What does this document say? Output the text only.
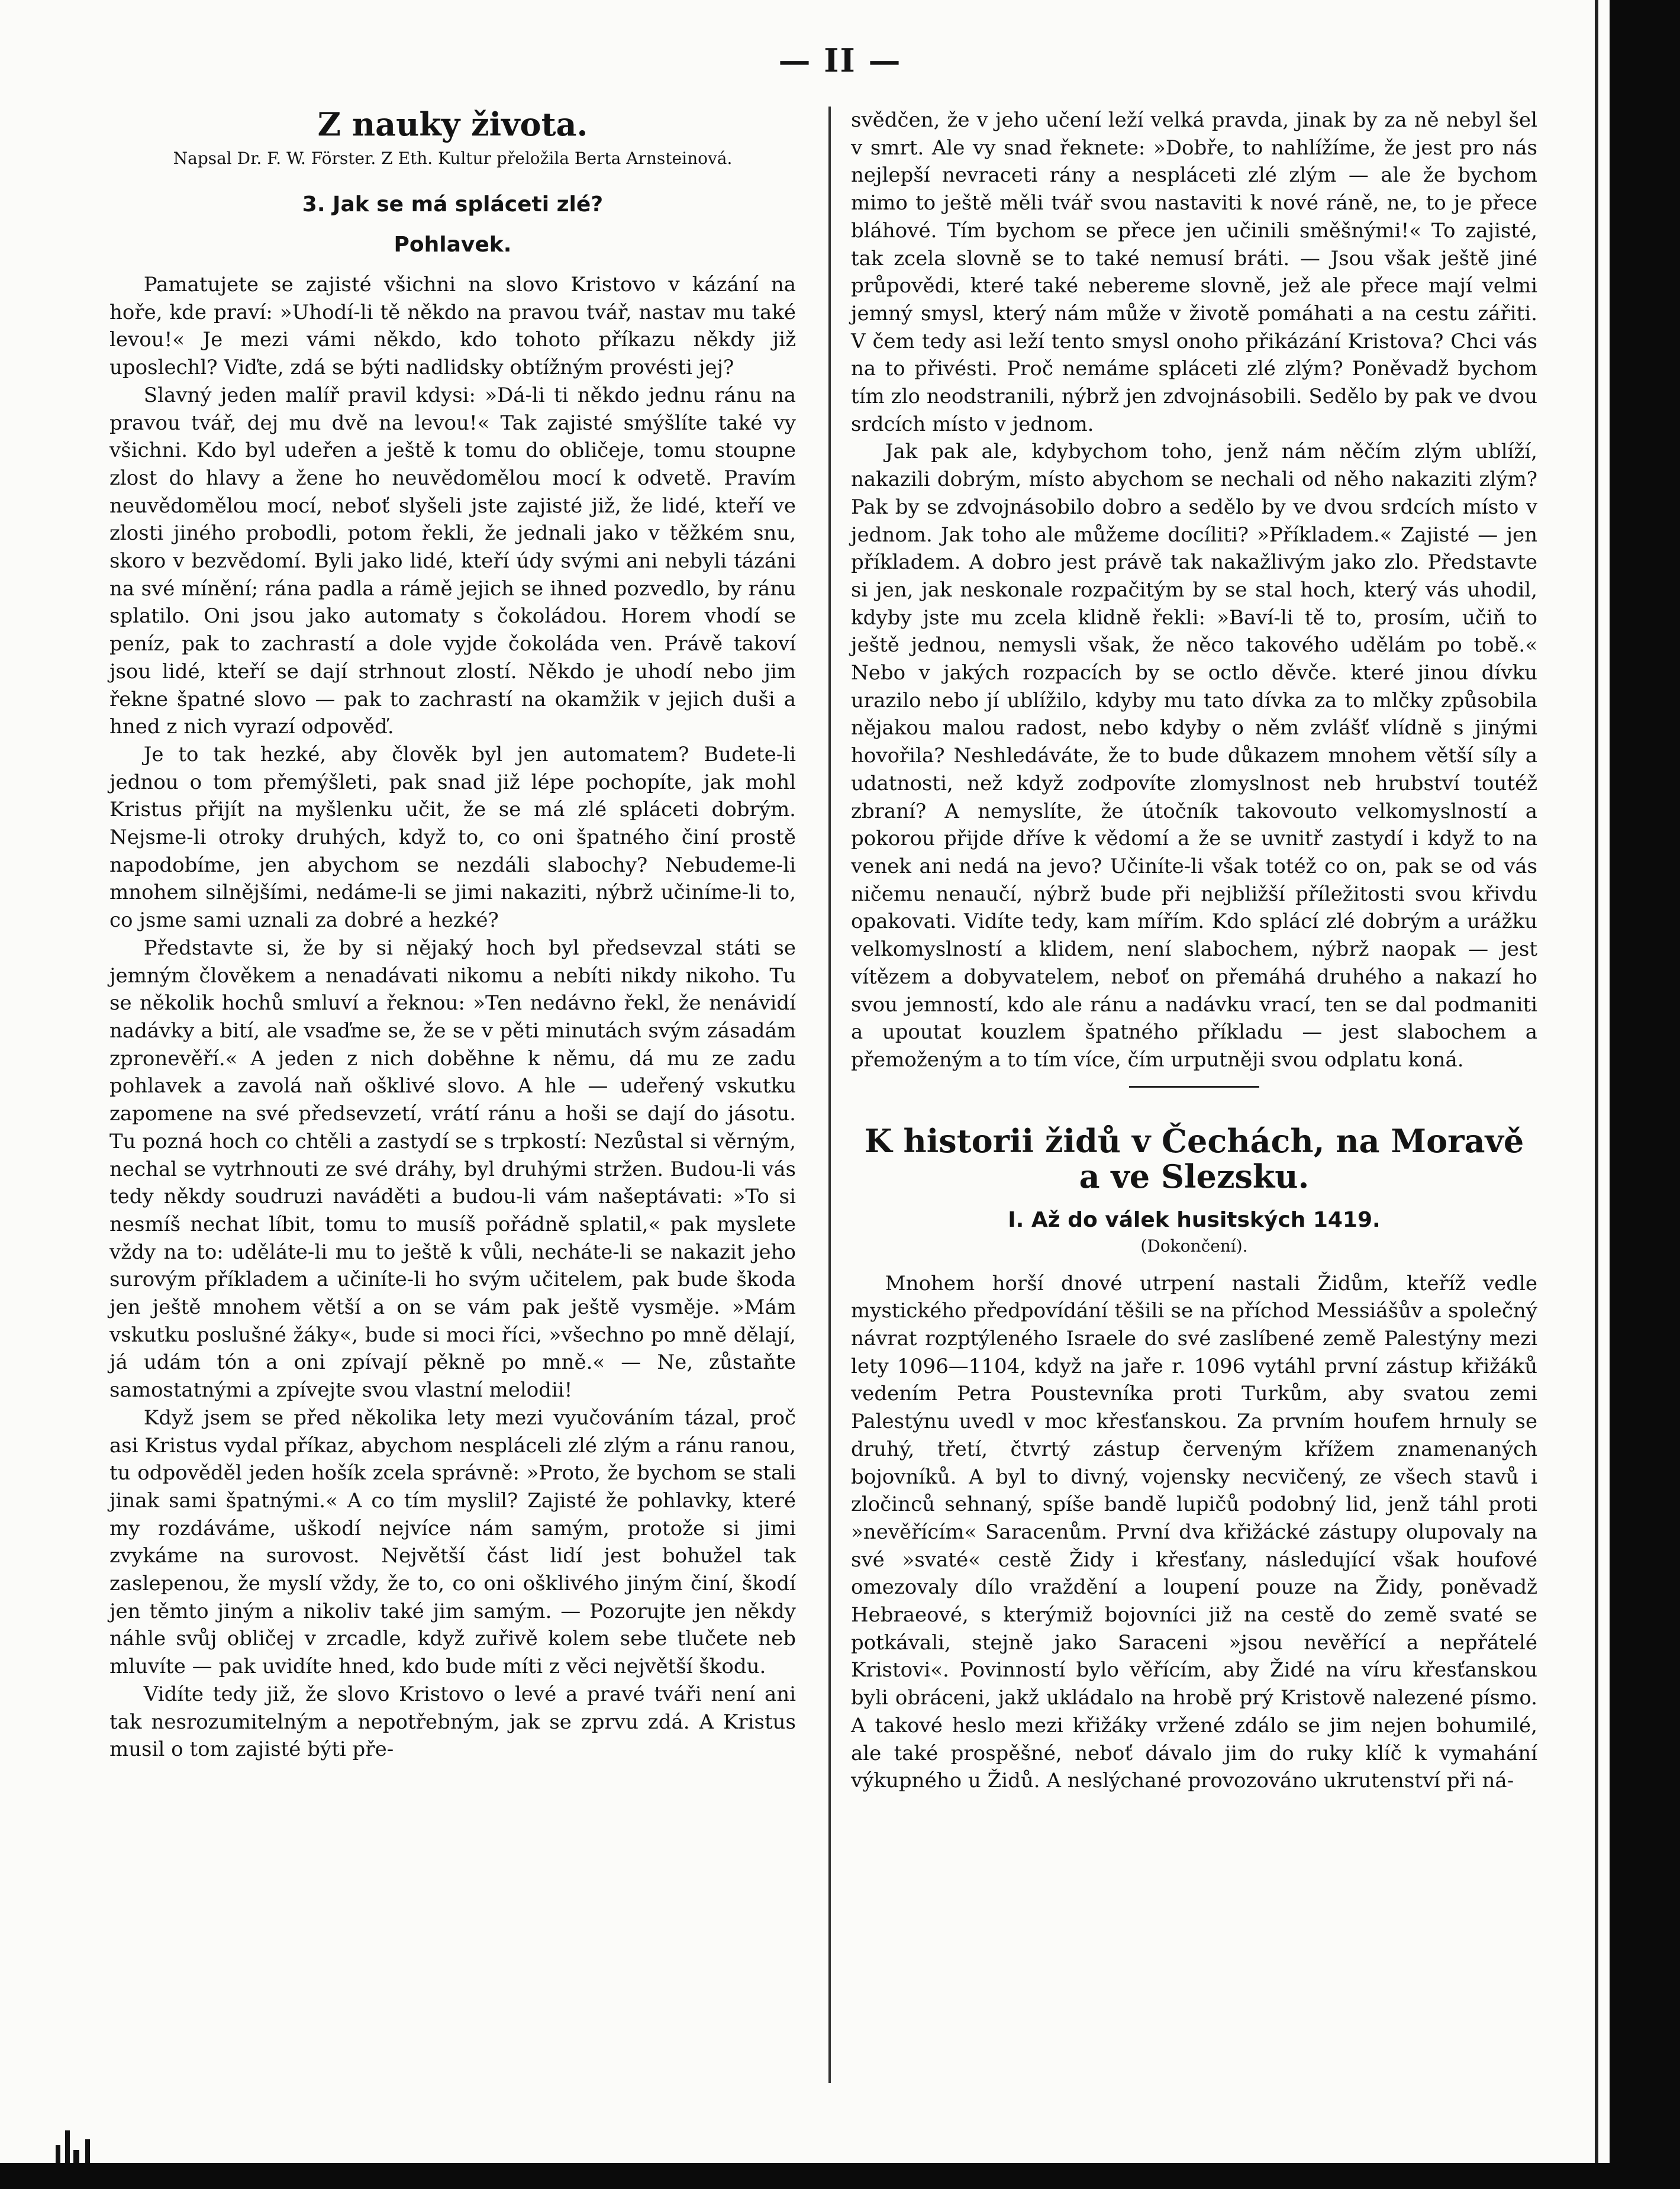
— II —
Z nauky života.

Napsal Dr. F. W. Förster. Z Eth. Kultur přeložila Berta Arnsteinová.

3. Jak se má spláceti zlé?
Pohlavek.

Pamatujete se zajisté všichni na slovo Kristovo v kázání na hoře, kde praví: »Uhodí-li tě někdo na pravou tvář, nastav mu také levou!« Je mezi vámi někdo, kdo tohoto příkazu někdy již uposlechl? Viďte, zdá se býti nadlidsky obtížným provésti jej?

Slavný jeden malíř pravil kdysi: »Dá-li ti někdo jednu ránu na pravou tvář, dej mu dvě na levou!« Tak zajisté smýšlíte také vy všichni. Kdo byl udeřen a ještě k tomu do obličeje, tomu stoupne zlost do hlavy a žene ho neuvědomělou mocí k odvetě. Pravím neuvědomělou mocí, neboť slyšeli jste zajisté již, že lidé, kteří ve zlosti jiného probodli, potom řekli, že jednali jako v těžkém snu, skoro v bezvědomí. Byli jako lidé, kteří údy svými ani nebyli tázáni na své mínění; rána padla a rámě jejich se ihned pozvedlo, by ránu splatilo. Oni jsou jako automaty s čokoládou. Horem vhodí se peníz, pak to zachrastí a dole vyjde čokoláda ven. Právě takoví jsou lidé, kteří se dají strhnout zlostí. Někdo je uhodí nebo jim řekne špatné slovo — pak to zachrastí na okamžik v jejich duši a hned z nich vyrazí odpověď.

Je to tak hezké, aby člověk byl jen automatem? Budete-li jednou o tom přemýšleti, pak snad již lépe pochopíte, jak mohl Kristus přijít na myšlenku učit, že se má zlé spláceti dobrým. Nejsme-li otroky druhých, když to, co oni špatného činí prostě napodobíme, jen abychom se nezdáli slabochy? Nebudeme-li mnohem silnějšími, nedáme-li se jimi nakaziti, nýbrž učiníme-li to, co jsme sami uznali za dobré a hezké?

Představte si, že by si nějaký hoch byl předsevzal státi se jemným člověkem a nenadávati nikomu a nebíti nikdy nikoho. Tu se několik hochů smluví a řeknou: »Ten nedávno řekl, že nenávidí nadávky a bití, ale vsaďme se, že se v pěti minutách svým zásadám zpronevěří.« A jeden z nich doběhne k němu, dá mu ze zadu pohlavek a zavolá naň ošklivé slovo. A hle — udeřený vskutku zapomene na své předsevzetí, vrátí ránu a hoši se dají do jásotu. Tu pozná hoch co chtěli a zastydí se s trpkostí: Nezůstal si věrným, nechal se vytrhnouti ze své dráhy, byl druhými stržen. Budou-li vás tedy někdy soudruzi naváděti a budou-li vám našeptávati: »To si nesmíš nechat líbit, tomu to musíš pořádně splatil,« pak myslete vždy na to: uděláte-li mu to ještě k vůli, necháte-li se nakazit jeho surovým příkladem a učiníte-li ho svým učitelem, pak bude škoda jen ještě mnohem větší a on se vám pak ještě vysměje. »Mám vskutku poslušné žáky«, bude si moci říci, »všechno po mně dělají, já udám tón a oni zpívají pěkně po mně.« — Ne, zůstaňte samostatnými a zpívejte svou vlastní melodii!

Když jsem se před několika lety mezi vyučováním tázal, proč asi Kristus vydal příkaz, abychom nespláceli zlé zlým a ránu ranou, tu odpověděl jeden hošík zcela správně: »Proto, že bychom se stali jinak sami špatnými.« A co tím myslil? Zajisté že pohlavky, které my rozdáváme, uškodí nejvíce nám samým, protože si jimi zvykáme na surovost. Největší část lidí jest bohužel tak zaslepenou, že myslí vždy, že to, co oni ošklivého jiným činí, škodí jen těmto jiným a nikoliv také jim samým. — Pozorujte jen někdy náhle svůj obličej v zrcadle, když zuřivě kolem sebe tlučete neb mluvíte — pak uvidíte hned, kdo bude míti z věci největší škodu.

Vidíte tedy již, že slovo Kristovo o levé a pravé tváři není ani tak nesrozumitelným a nepotřebným, jak se zprvu zdá. A Kristus musil o tom zajisté býti pře-

svědčen, že v jeho učení leží velká pravda, jinak by za ně nebyl šel v smrt. Ale vy snad řeknete: »Dobře, to nahlížíme, že jest pro nás nejlepší nevraceti rány a nespláceti zlé zlým — ale že bychom mimo to ještě měli tvář svou nastaviti k nové ráně, ne, to je přece bláhové. Tím bychom se přece jen učinili směšnými!« To zajisté, tak zcela slovně se to také nemusí bráti. — Jsou však ještě jiné průpovědi, které také nebereme slovně, jež ale přece mají velmi jemný smysl, který nám může v životě pomáhati a na cestu zářiti. V čem tedy asi leží tento smysl onoho přikázání Kristova? Chci vás na to přivésti. Proč nemáme spláceti zlé zlým? Poněvadž bychom tím zlo neodstranili, nýbrž jen zdvojnásobili. Sedělo by pak ve dvou srdcích místo v jednom.

Jak pak ale, kdybychom toho, jenž nám něčím zlým ublíží, nakazili dobrým, místo abychom se nechali od něho nakaziti zlým? Pak by se zdvojnásobilo dobro a sedělo by ve dvou srdcích místo v jednom. Jak toho ale můžeme docíliti? »Příkladem.« Zajisté — jen příkladem. A dobro jest právě tak nakažlivým jako zlo. Představte si jen, jak neskonale rozpačitým by se stal hoch, který vás uhodil, kdyby jste mu zcela klidně řekli: »Baví-li tě to, prosím, učiň to ještě jednou, nemysli však, že něco takového udělám po tobě.« Nebo v jakých rozpacích by se octlo děvče. které jinou dívku urazilo nebo jí ublížilo, kdyby mu tato dívka za to mlčky způsobila nějakou malou radost, nebo kdyby o něm zvlášť vlídně s jinými hovořila? Neshledáváte, že to bude důkazem mnohem větší síly a udatnosti, než když zodpovíte zlomyslnost neb hrubství toutéž zbraní? A nemyslíte, že útočník takovouto velkomyslností a pokorou přijde dříve k vědomí a že se uvnitř zastydí i když to na venek ani nedá na jevo? Učiníte-li však totéž co on, pak se od vás ničemu nenaučí, nýbrž bude při nejbližší příležitosti svou křivdu opakovati. Vidíte tedy, kam mířím. Kdo splácí zlé dobrým a urážku velkomyslností a klidem, není slabochem, nýbrž naopak — jest vítězem a dobyvatelem, neboť on přemáhá druhého a nakazí ho svou jemností, kdo ale ránu a nadávku vrací, ten se dal podmaniti a upoutat kouzlem špatného příkladu — jest slabochem a přemoženým a to tím více, čím urputněji svou odplatu koná.

K historii židů v Čechách, na Moravě a ve Slezsku.
I. Až do válek husitských 1419.

(Dokončení).

Mnohem horší dnové utrpení nastali Židům, kteříž vedle mystického předpovídání těšili se na příchod Messiášův a společný návrat rozptýleného Israele do své zaslíbené země Palestýny mezi lety 1096—1104, když na jaře r. 1096 vytáhl první zástup křižáků vedením Petra Poustevníka proti Turkům, aby svatou zemi Palestýnu uvedl v moc křesťanskou. Za prvním houfem hrnuly se druhý, třetí, čtvrtý zástup červeným křížem znamenaných bojovníků. A byl to divný, vojensky necvičený, ze všech stavů i zločinců sehnaný, spíše bandě lupičů podobný lid, jenž táhl proti »nevěřícím« Saracenům. První dva křižácké zástupy olupovaly na své »svaté« cestě Židy i křesťany, následující však houfové omezovaly dílo vraždění a loupení pouze na Židy, poněvadž Hebraeové, s kterýmiž bojovníci již na cestě do země svaté se potkávali, stejně jako Saraceni »jsou nevěřící a nepřátelé Kristovi«. Povinností bylo věřícím, aby Židé na víru křesťanskou byli obráceni, jakž ukládalo na hrobě prý Kristově nalezené písmo. A takové heslo mezi křižáky vržené zdálo se jim nejen bohumilé, ale také prospěšné, neboť dávalo jim do ruky klíč k vymahání výkupného u Židů. A neslýchané provozováno ukrutenství při ná-
